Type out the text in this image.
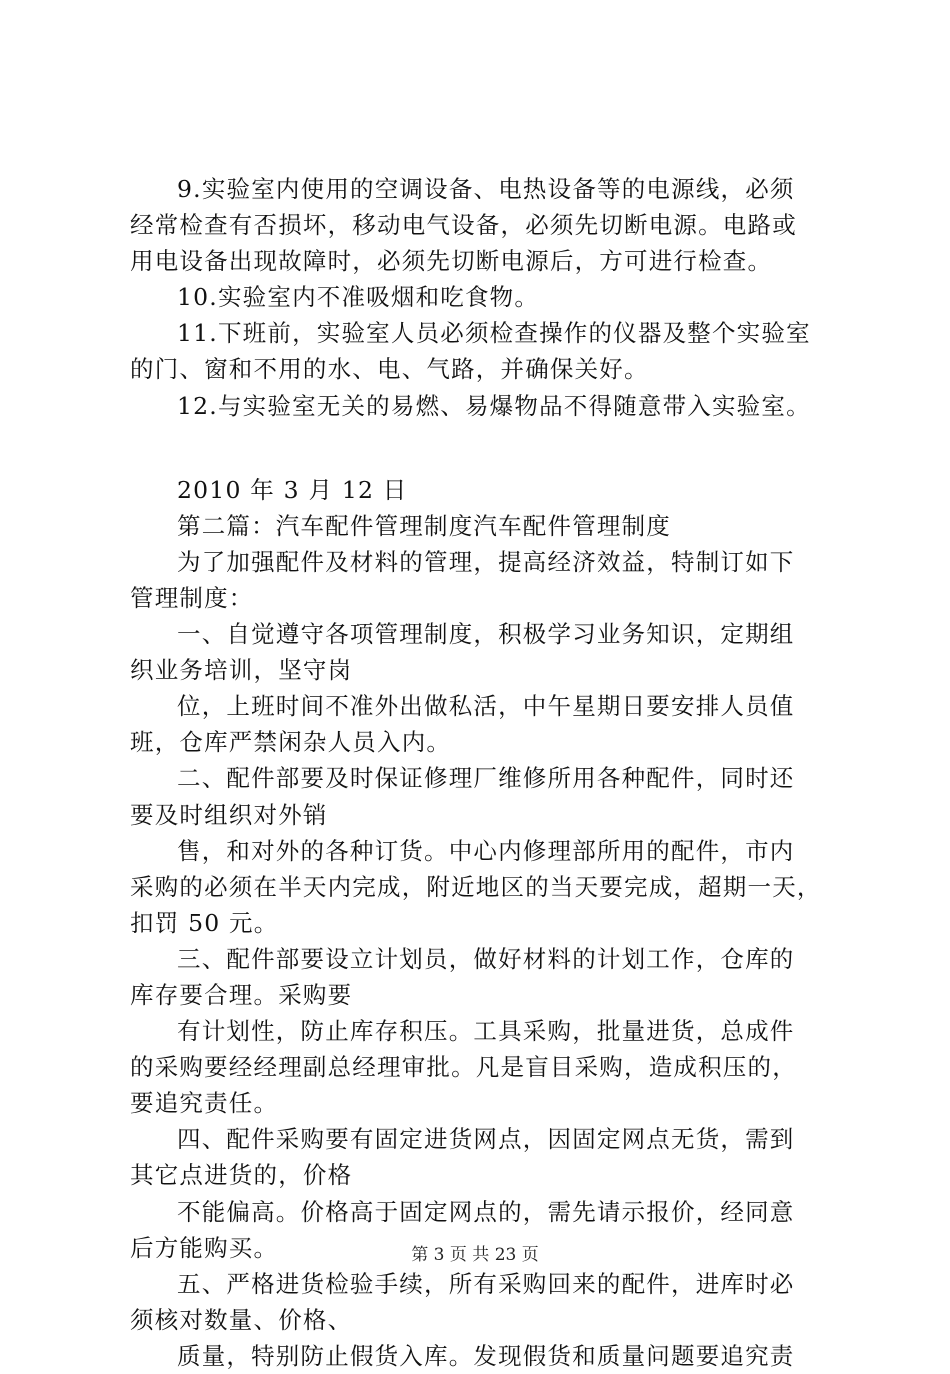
9.实验室内使用的空调设备、电热设备等的电源线，必须
经常检查有否损坏，移动电气设备，必须先切断电源。电路或
用电设备出现故障时，必须先切断电源后，方可进行检查。
10.实验室内不准吸烟和吃食物。
11.下班前，实验室人员必须检查操作的仪器及整个实验室
的门、窗和不用的水、电、气路，并确保关好。
12.与实验室无关的易燃、易爆物品不得随意带入实验室。
2010 年 3 月 12 日
第二篇：汽车配件管理制度汽车配件管理制度
为了加强配件及材料的管理，提高经济效益，特制订如下
管理制度：
一、自觉遵守各项管理制度，积极学习业务知识，定期组
织业务培训，坚守岗
位，上班时间不准外出做私活，中午星期日要安排人员值
班，仓库严禁闲杂人员入内。
二、配件部要及时保证修理厂维修所用各种配件，同时还
要及时组织对外销
售，和对外的各种订货。中心内修理部所用的配件，市内
采购的必须在半天内完成，附近地区的当天要完成，超期一天，
扣罚 50 元。
三、配件部要设立计划员，做好材料的计划工作，仓库的
库存要合理。采购要
有计划性，防止库存积压。工具采购，批量进货，总成件
的采购要经经理副总经理审批。凡是盲目采购，造成积压的，
要追究责任。
四、配件采购要有固定进货网点，因固定网点无货，需到
其它点进货的，价格
不能偏高。价格高于固定网点的，需先请示报价，经同意
后方能购买。
五、严格进货检验手续，所有采购回来的配件，进库时必
须核对数量、价格、
质量，特别防止假货入库。发现假货和质量问题要追究责
第 3 页 共 23 页
